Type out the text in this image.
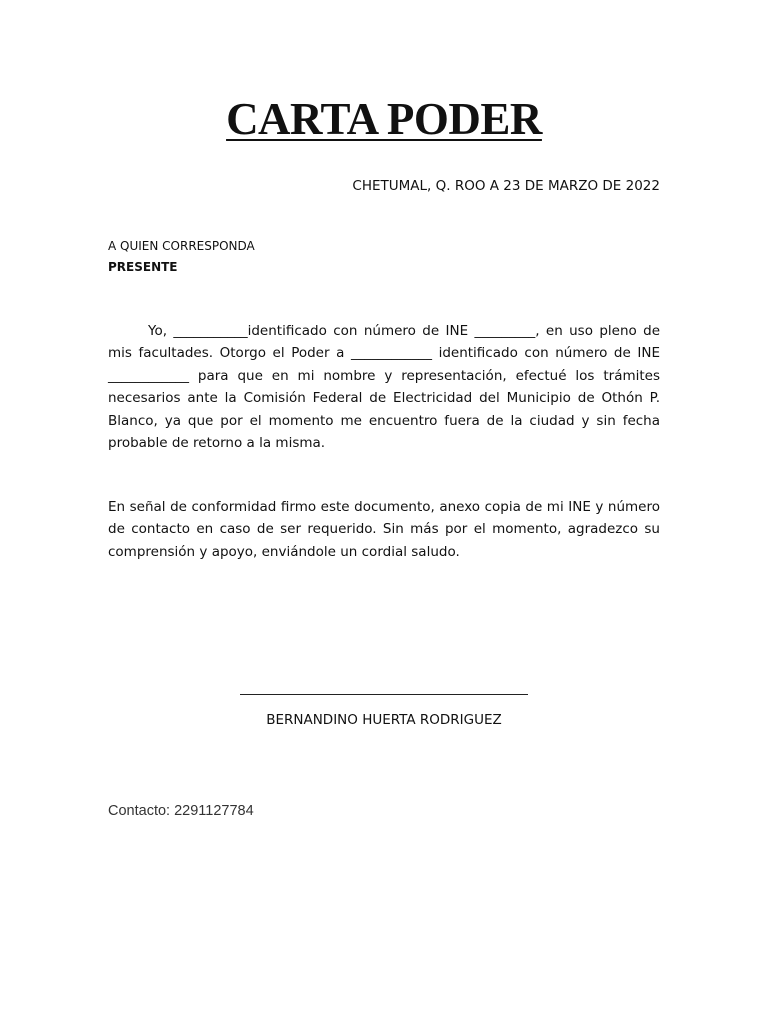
CARTA PODER
CHETUMAL, Q. ROO A 23 DE MARZO DE 2022
A QUIEN CORRESPONDA
PRESENTE
Yo, ___________identificado con número de INE _________, en uso pleno de
mis facultades. Otorgo el Poder a ____________ identificado con número de INE
____________ para que en mi nombre y representación, efectué los trámites
necesarios ante la Comisión Federal de Electricidad del Municipio de Othón P.
Blanco, ya que por el momento me encuentro fuera de la ciudad y sin fecha
probable de retorno a la misma.
En señal de conformidad firmo este documento, anexo copia de mi INE y número
de contacto en caso de ser requerido. Sin más por el momento, agradezco su
comprensión y apoyo, enviándole un cordial saludo.
BERNANDINO HUERTA RODRIGUEZ
Contacto: 2291127784
